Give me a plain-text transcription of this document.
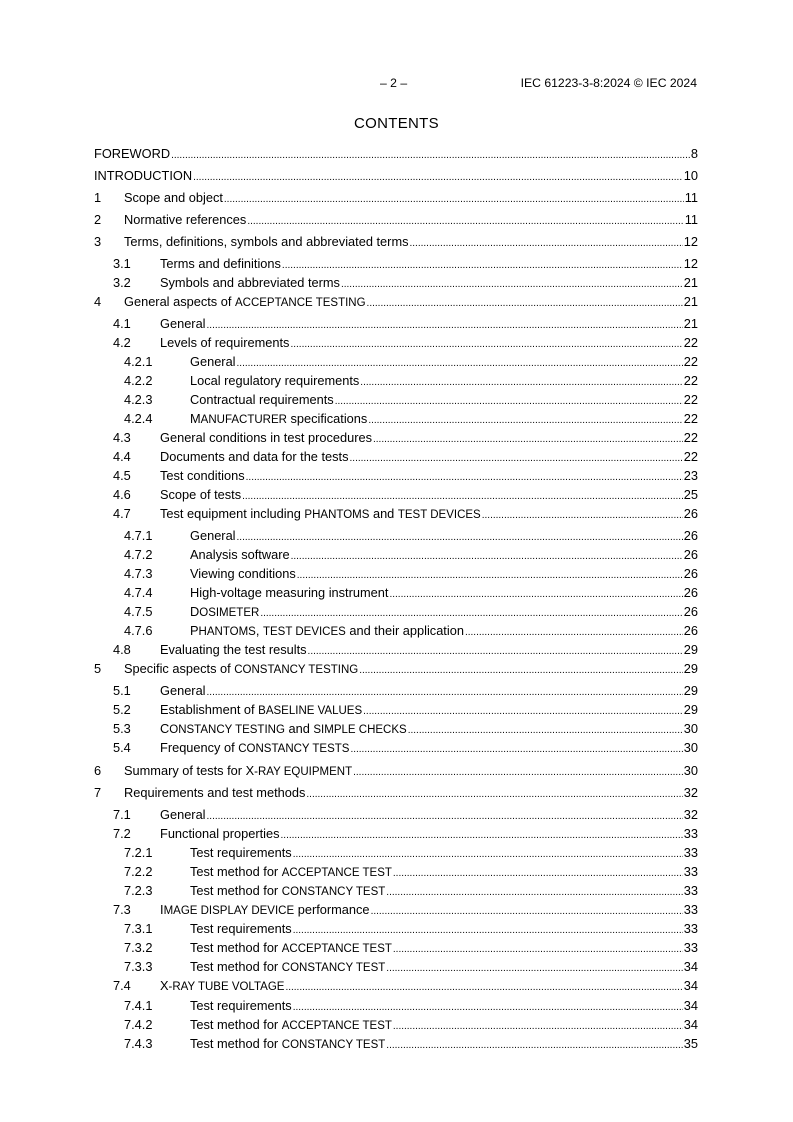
– 2 –	IEC 61223-3-8:2024 © IEC 2024
CONTENTS
FOREWORD .....	8
INTRODUCTION .....	10
1 Scope and object .....	11
2 Normative references .....	11
3 Terms, definitions, symbols and abbreviated terms .....	12
3.1 Terms and definitions .....	12
3.2 Symbols and abbreviated terms .....	21
4 General aspects of ACCEPTANCE TESTING .....	21
4.1 General .....	21
4.2 Levels of requirements .....	22
4.2.1	General .....	22
4.2.2	Local regulatory requirements .....	22
4.2.3	Contractual requirements .....	22
4.2.4	MANUFACTURER specifications .....	22
4.3 General conditions in test procedures .....	22
4.4 Documents and data for the tests .....	22
4.5 Test conditions .....	23
4.6 Scope of tests .....	25
4.7 Test equipment including PHANTOMS and TEST DEVICES .....	26
4.7.1	General .....	26
4.7.2	Analysis software .....	26
4.7.3	Viewing conditions .....	26
4.7.4	High-voltage measuring instrument .....	26
4.7.5	DOSIMETER .....	26
4.7.6	PHANTOMS, TEST DEVICES and their application .....	26
4.8 Evaluating the test results .....	29
5 Specific aspects of CONSTANCY TESTING .....	29
5.1 General .....	29
5.2 Establishment of BASELINE VALUES .....	29
5.3 CONSTANCY TESTING and SIMPLE CHECKS .....	30
5.4 Frequency of CONSTANCY TESTS .....	30
6 Summary of tests for X-RAY EQUIPMENT .....	30
7 Requirements and test methods .....	32
7.1 General .....	32
7.2 Functional properties .....	33
7.2.1	Test requirements .....	33
7.2.2	Test method for ACCEPTANCE TEST .....	33
7.2.3	Test method for CONSTANCY TEST .....	33
7.3 IMAGE DISPLAY DEVICE performance .....	33
7.3.1	Test requirements .....	33
7.3.2	Test method for ACCEPTANCE TEST .....	33
7.3.3	Test method for CONSTANCY TEST .....	34
7.4 X-RAY TUBE VOLTAGE .....	34
7.4.1	Test requirements .....	34
7.4.2	Test method for ACCEPTANCE TEST .....	34
7.4.3	Test method for CONSTANCY TEST .....	35
